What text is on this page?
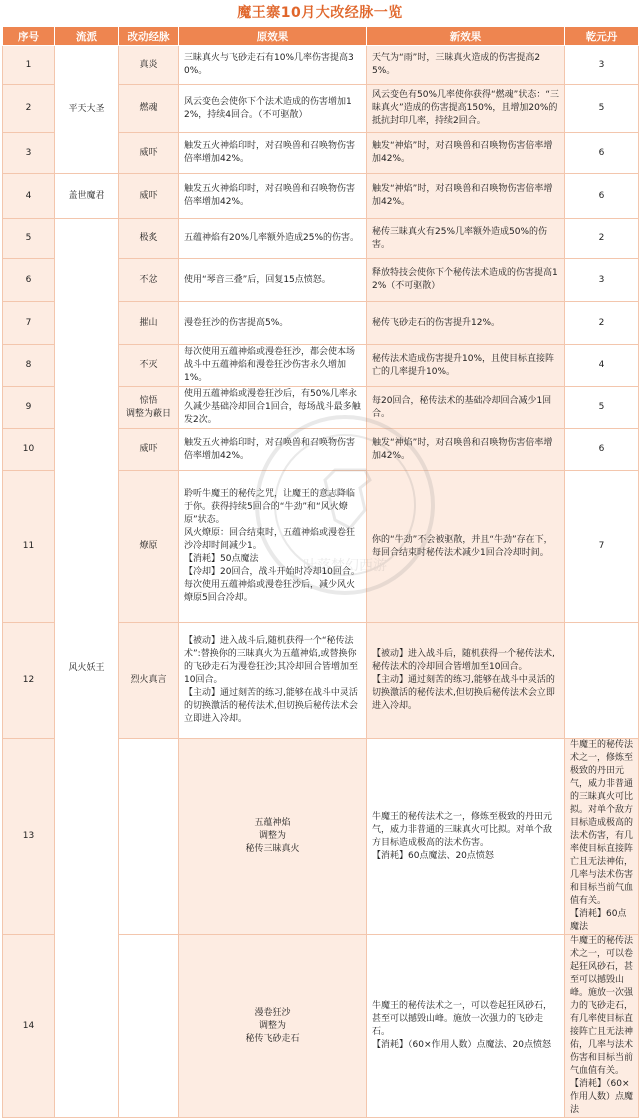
魔王寨10月大改经脉一览
序号	流派	改动经脉	原效果	新效果	乾元丹	
1	平天大圣	真炎	三昧真火与飞砂走石有10%几率伤害提高30%。	天气为“雨”时，三昧真火造成的伤害提高25%。	3	
2		燃魂	风云变色会使你下个法术造成的伤害增加12%，持续4回合。（不可驱散）	风云变色有50%几率使你获得“燃魂”状态：“三昧真火”造成的伤害提高150%，且增加20%的抵抗封印几率，持续2回合。	5	
3		威吓	触发五火神焰印时，对召唤兽和召唤物伤害倍率增加42%。	触发“神焰”时，对召唤兽和召唤物伤害倍率增加42%。	6	
4	盖世魔君	威吓	触发五火神焰印时，对召唤兽和召唤物伤害倍率增加42%。	触发“神焰”时，对召唤兽和召唤物伤害倍率增加42%。	6	
5	风火妖王	极炙	五蕴神焰有20%几率额外造成25%的伤害。	秘传三昧真火有25%几率额外造成50%的伤害。	2	
6		不忿	使用“琴音三叠”后，回复15点愤怒。	释放特技会使你下个秘传法术造成的伤害提高12%（不可驱散）	3	
7		摧山	漫卷狂沙的伤害提高5%。	秘传飞砂走石的伤害提升12%。	2	
8		不灭	每次使用五蕴神焰或漫卷狂沙，都会使本场战斗中五蕴神焰和漫卷狂沙伤害永久增加1%。	秘传法术造成伤害提升10%，且使目标直接阵亡的几率提升10%。	4	
9		惊悟
调整为蔽日	使用五蕴神焰或漫卷狂沙后，有50%几率永久减少基础冷却回合1回合，每场战斗最多触发2次。	每20回合，秘传法术的基础冷却回合减少1回合。	5	
10		威吓	触发五火神焰印时，对召唤兽和召唤物伤害倍率增加42%。	触发“神焰”时，对召唤兽和召唤物伤害倍率增加42%。	6	
11		燎原	聆听牛魔王的秘传之咒，让魔王的意志降临于你。获得持续5回合的“牛劲”和“风火燎原”状态。
风火燎原：回合结束时，五蕴神焰或漫卷狂沙冷却时间减少1。
【消耗】50点魔法
【冷却】20回合，战斗开始时冷却10回合。
每次使用五蕴神焰或漫卷狂沙后，减少风火燎原5回合冷却。	你的“牛劲”不会被驱散，并且“牛劲”存在下，每回合结束时秘传法术减少1回合冷却时间。	7	
12		烈火真言	【被动】进入战斗后,随机获得一个“秘传法术”:替换你的三昧真火为五蕴神焰,或替换你的飞砂走石为漫卷狂沙;其冷却回合皆增加至10回合。
【主动】通过刻苦的练习,能够在战斗中灵活的切换激活的秘传法术,但切换后秘传法术会立即进入冷却。	【被动】进入战斗后，随机获得一个秘传法术,秘传法术的冷却回合皆增加至10回合。
【主动】通过刻苦的练习,能够在战斗中灵活的切换激活的秘传法术,但切换后秘传法术会立即进入冷却。		

13			五蕴神焰
调整为
秘传三昧真火	牛魔王的秘传法术之一，修炼至极致的丹田元气，威力非普通的三昧真火可比拟。对单个敌方目标造成极高的法术伤害。
【消耗】60点魔法、20点愤怒	牛魔王的秘传法术之一，修炼至极致的丹田元气，威力非普通的三昧真火可比拟。对单个敌方目标造成极高的法术伤害，有几率使目标直接阵亡且无法神佑，几率与法术伤害和目标当前气血值有关。
【消耗】60点魔法	

14			漫卷狂沙
调整为
秘传飞砂走石	牛魔王的秘传法术之一，可以卷起狂风砂石，甚至可以撼毁山峰。施放一次强力的飞砂走石。
【消耗】（60×作用人数）点魔法、20点愤怒	牛魔王的秘传法术之一，可以卷起狂风砂石，甚至可以撼毁山峰。施放一次强力的飞砂走石，有几率使目标直接阵亡且无法神佑，几率与法术伤害和目标当前气血值有关。
【消耗】（60×作用人数）点魔法	
